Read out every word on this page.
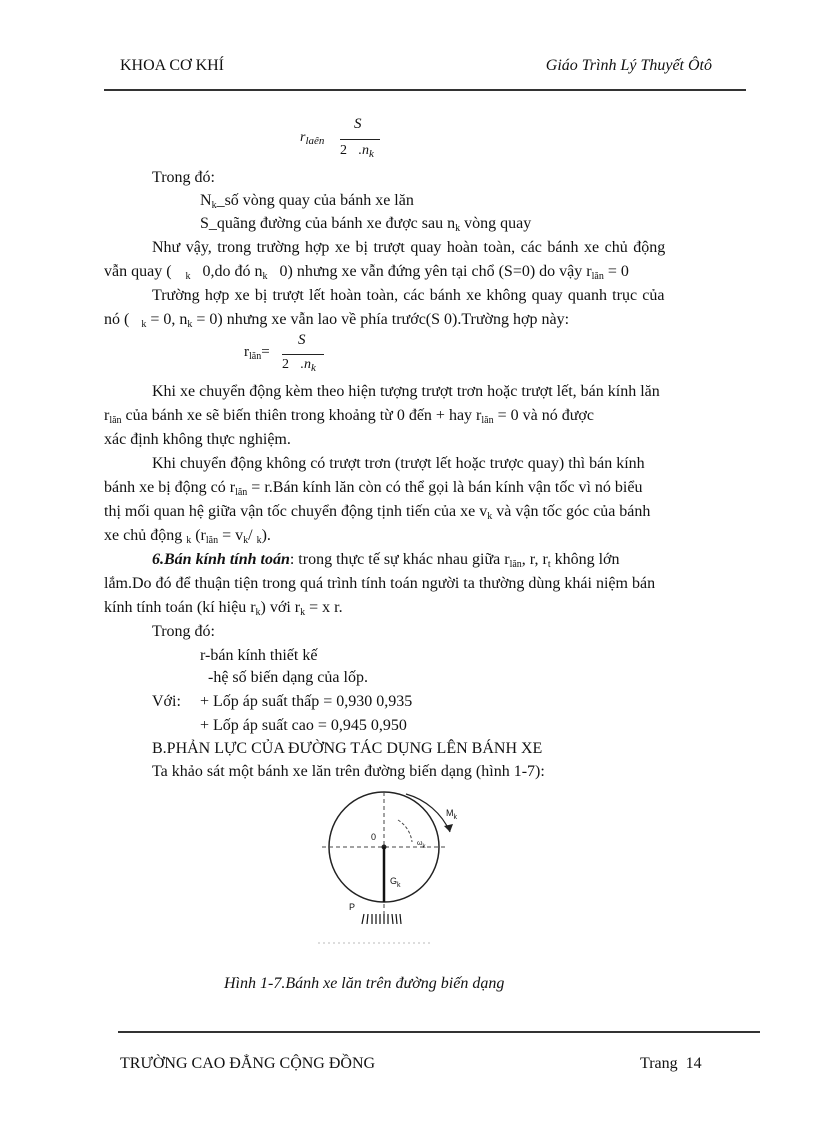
KHOA CƠ KHÍ	Giáo Trình Lý Thuyết Ôtô
$r_{laên}$
S
2 $.n_k$
Trong đó:
$N_k\_số$ vòng quay của bánh xe lăn
S_quãng đường của bánh xe được sau $n_k$ vòng quay
Như vậy, trong trường hợp xe bị trượt quay hoàn toàn, các bánh xe chủ động
vẫn quay ( $_k$ 0,do đó $n_k$ 0) nhưng xe vẫn đứng yên tại chổ (S=0) do vậy $r_{lăn} = 0$
Trường hợp xe bị trượt lết hoàn toàn, các bánh xe không quay quanh trục của
nó ( $_k$ = 0, $n_k = 0$) nhưng xe vẫn lao về phía trước(S 0).Trường hợp này:
$r_{lăn}=$
S
2 $.n_k$
Khi xe chuyển động kèm theo hiện tượng trượt trơn hoặc trượt lết, bán kính lăn
$r_{lăn}$ của bánh xe sẽ biến thiên trong khoảng từ 0 đến + hay $r_{lăn} = 0$ và nó được
xác định không thực nghiệm.
Khi chuyển động không có trượt trơn (trượt lết hoặc trược quay) thì bán kính
bánh xe bị động có $r_{lăn}$ = r.Bán kính lăn còn có thể gọi là bán kính vận tốc vì nó biểu
thị mối quan hệ giữa vận tốc chuyển động tịnh tiến của xe $v_k$ và vận tốc góc của bánh
xe chủ động $_k$ ($r_{lăn} = v_k/$ $_k$).
6.Bán kính tính toán: trong thực tế sự khác nhau giữa $r_{lăn}$, r, $r_t$ không lớn
lắm.Do đó để thuận tiện trong quá trình tính toán người ta thường dùng khái niệm bán
kính tính toán (kí hiệu $r_k$) với $r_k = x$ r.
Trong đó:
r-bán kính thiết kế
-hệ số biến dạng của lốp.
Với: + Lốp áp suất thấp = 0,930 0,935
+ Lốp áp suất cao = 0,945 0,950
B.PHẢN LỰC CỦA ĐƯỜNG TÁC DỤNG LÊN BÁNH XE
Ta khảo sát một bánh xe lăn trên đường biến dạng (hình 1-7):
$M_k$
0
$\omega_k$
$G_k$
P
Hình 1-7.Bánh xe lăn trên đường biến dạng
TRƯỜNG CAO ĐẲNG CỘNG ĐỒNG	Trang 14
